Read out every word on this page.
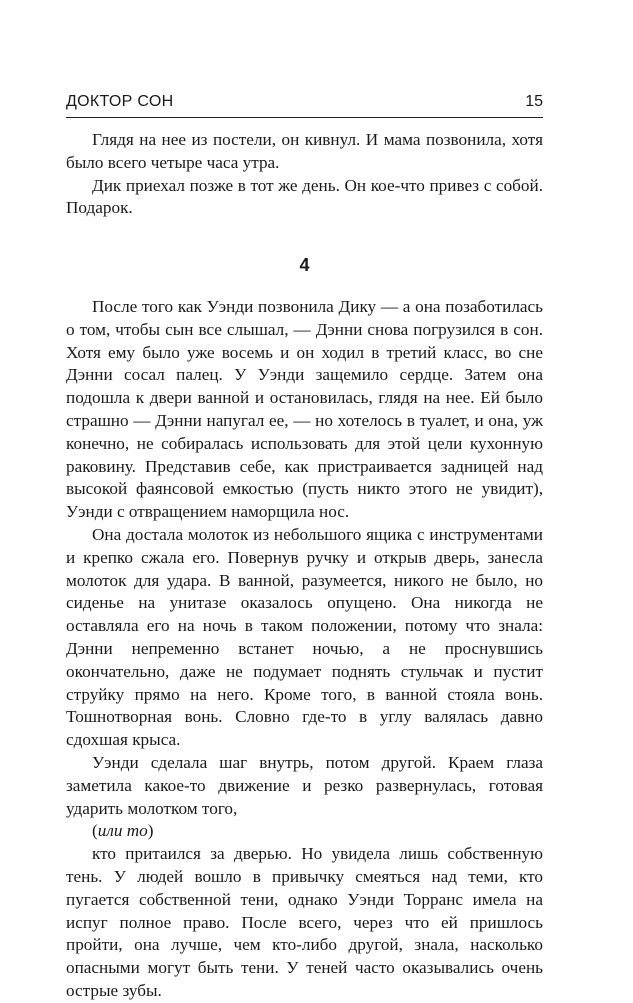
ДОКТОР СОН	15

Глядя на нее из постели, он кивнул. И мама позвонила, хотя было всего четыре часа утра.

Дик приехал позже в тот же день. Он кое-что привез с собой. Подарок.

4

После того как Уэнди позвонила Дику — а она позаботилась о том, чтобы сын все слышал, — Дэнни снова погрузился в сон. Хотя ему было уже восемь и он ходил в третий класс, во сне Дэнни сосал палец. У Уэнди защемило сердце. Затем она подошла к двери ванной и остановилась, глядя на нее. Ей было страшно — Дэнни напугал ее, — но хотелось в туалет, и она, уж конечно, не собиралась использовать для этой цели кухонную раковину. Представив себе, как пристраивается задницей над высокой фаянсовой емкостью (пусть никто этого не увидит), Уэнди с отвращением наморщила нос.

Она достала молоток из небольшого ящика с инструментами и крепко сжала его. Повернув ручку и открыв дверь, занесла молоток для удара. В ванной, разумеется, никого не было, но сиденье на унитазе оказалось опущено. Она никогда не оставляла его на ночь в таком положении, потому что знала: Дэнни непременно встанет ночью, а не проснувшись окончательно, даже не подумает поднять стульчак и пустит струйку прямо на него. Кроме того, в ванной стояла вонь. Тошнотворная вонь. Словно где-то в углу валялась давно сдохшая крыса.

Уэнди сделала шаг внутрь, потом другой. Краем глаза заметила какое-то движение и резко развернулась, готовая ударить молотком того,

(или то)

кто притаился за дверью. Но увидела лишь собственную тень. У людей вошло в привычку смеяться над теми, кто пугается собственной тени, однако Уэнди Торранс имела на испуг полное право. После всего, через что ей пришлось пройти, она лучше, чем кто-либо другой, знала, насколько опасными могут быть тени. У теней часто оказывались очень острые зубы.
